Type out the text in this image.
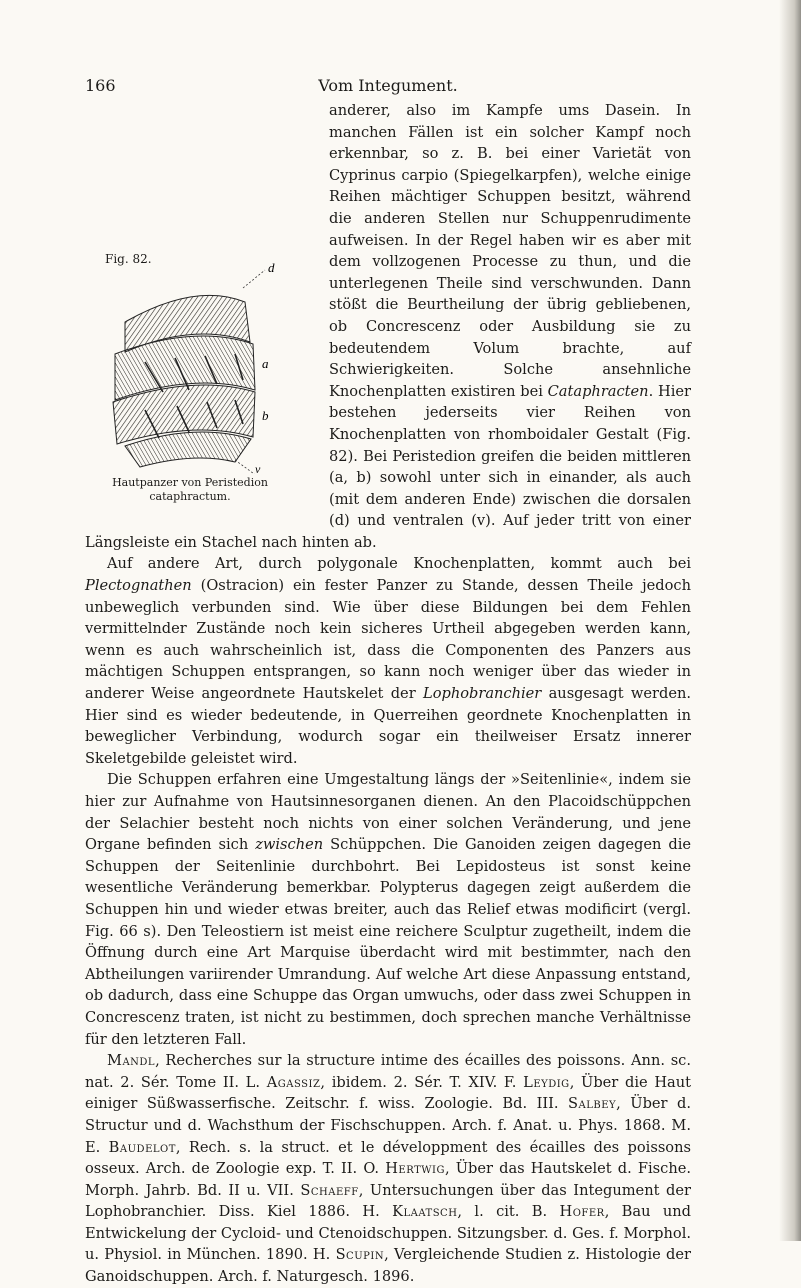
166	Vom Integument.
Fig. 82.
d
a
b
v
Hautpanzer von Peristedion
cataphractum.

anderer, also im Kampfe ums Dasein. In manchen Fällen ist ein solcher Kampf noch erkennbar, so z. B. bei einer Varietät von Cyprinus carpio (Spiegelkarpfen), welche einige Reihen mächtiger Schuppen besitzt, während die anderen Stellen nur Schuppenrudimente aufweisen. In der Regel haben wir es aber mit dem vollzogenen Processe zu thun, und die unterlegenen Theile sind verschwunden. Dann stößt die Beurtheilung der übrig gebliebenen, ob Concrescenz oder Ausbildung sie zu bedeutendem Volum brachte, auf Schwierigkeiten. Solche ansehnliche Knochenplatten existiren bei Cataphracten. Hier bestehen jederseits vier Reihen von Knochenplatten von rhomboidaler Gestalt (Fig. 82). Bei Peristedion greifen die beiden mittleren (a, b) sowohl unter sich in einander, als auch (mit dem anderen Ende) zwischen die dorsalen (d) und ventralen (v). Auf jeder tritt von einer Längsleiste ein Stachel nach hinten ab.

Auf andere Art, durch polygonale Knochenplatten, kommt auch bei Plectognathen (Ostracion) ein fester Panzer zu Stande, dessen Theile jedoch unbeweglich verbunden sind. Wie über diese Bildungen bei dem Fehlen vermittelnder Zustände noch kein sicheres Urtheil abgegeben werden kann, wenn es auch wahrscheinlich ist, dass die Componenten des Panzers aus mächtigen Schuppen entsprangen, so kann noch weniger über das wieder in anderer Weise angeordnete Hautskelet der Lophobranchier ausgesagt werden. Hier sind es wieder bedeutende, in Querreihen geordnete Knochenplatten in beweglicher Verbindung, wodurch sogar ein theilweiser Ersatz innerer Skeletgebilde geleistet wird.

Die Schuppen erfahren eine Umgestaltung längs der »Seitenlinie«, indem sie hier zur Aufnahme von Hautsinnesorganen dienen. An den Placoidschüppchen der Selachier besteht noch nichts von einer solchen Veränderung, und jene Organe befinden sich zwischen Schüppchen. Die Ganoiden zeigen dagegen die Schuppen der Seitenlinie durchbohrt. Bei Lepidosteus ist sonst keine wesentliche Veränderung bemerkbar. Polypterus dagegen zeigt außerdem die Schuppen hin und wieder etwas breiter, auch das Relief etwas modificirt (vergl. Fig. 66 s). Den Teleostiern ist meist eine reichere Sculptur zugetheilt, indem die Öffnung durch eine Art Marquise überdacht wird mit bestimmter, nach den Abtheilungen variirender Umrandung. Auf welche Art diese Anpassung entstand, ob dadurch, dass eine Schuppe das Organ umwuchs, oder dass zwei Schuppen in Concrescenz traten, ist nicht zu bestimmen, doch sprechen manche Verhältnisse für den letzteren Fall.

Mandl, Recherches sur la structure intime des écailles des poissons. Ann. sc. nat. 2. Sér. Tome II. L. Agassiz, ibidem. 2. Sér. T. XIV. F. Leydig, Über die Haut einiger Süßwasserfische. Zeitschr. f. wiss. Zoologie. Bd. III. Salbey, Über d. Structur und d. Wachsthum der Fischschuppen. Arch. f. Anat. u. Phys. 1868. M. E. Baudelot, Rech. s. la struct. et le développment des écailles des poissons osseux. Arch. de Zoologie exp. T. II. O. Hertwig, Über das Hautskelet d. Fische. Morph. Jahrb. Bd. II u. VII. Schaeff, Untersuchungen über das Integument der Lophobranchier. Diss. Kiel 1886. H. Klaatsch, l. cit. B. Hofer, Bau und Entwickelung der Cycloid- und Ctenoidschuppen. Sitzungsber. d. Ges. f. Morphol. u. Physiol. in München. 1890. H. Scupin, Vergleichende Studien z. Histologie der Ganoidschuppen. Arch. f. Naturgesch. 1896.
